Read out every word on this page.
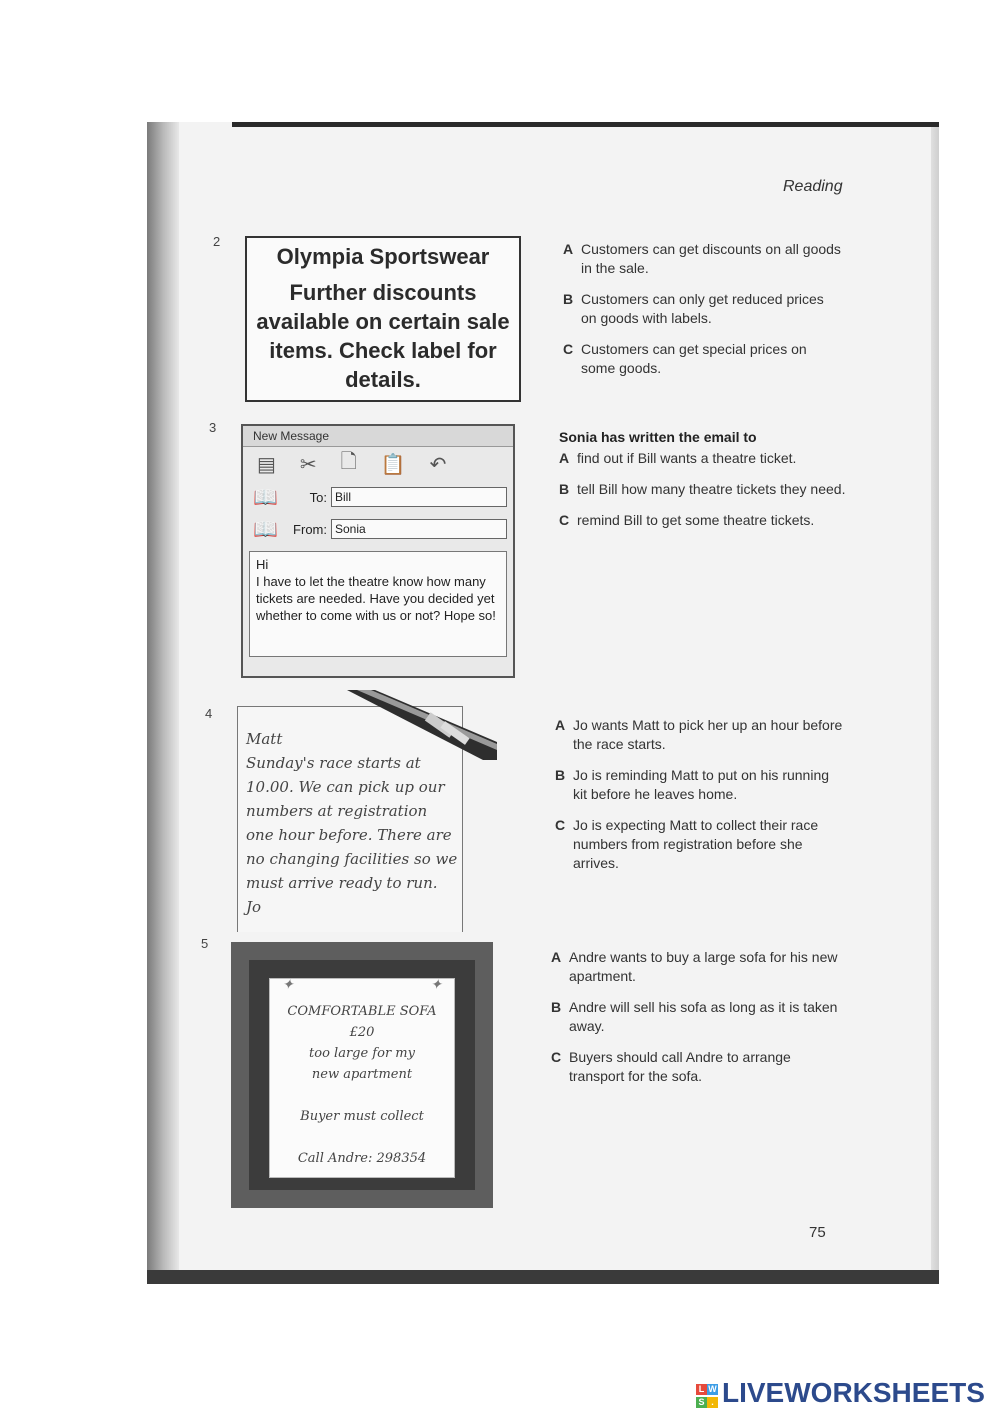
Reading
2
Olympia Sportswear
Further discounts available on certain sale items. Check label for details.
A Customers can get discounts on all goods in the sale.
B Customers can only get reduced prices on goods with labels.
C Customers can get special prices on some goods.
3
New Message
▤ ✂ 🗋 📋 ↶
📖	To: Bill
📖	From: Sonia
Hi
I have to let the theatre know how many tickets are needed. Have you decided yet whether to come with us or not? Hope so!
Sonia has written the email to
A find out if Bill wants a theatre ticket.
B tell Bill how many theatre tickets they need.
C remind Bill to get some theatre tickets.
4
Matt
Sunday's race starts at 10.00. We can pick up our numbers at registration one hour before. There are no changing facilities so we must arrive ready to run.
Jo
A Jo wants Matt to pick her up an hour before the race starts.
B Jo is reminding Matt to put on his running kit before he leaves home.
C Jo is expecting Matt to collect their race numbers from registration before she arrives.
5
✦	✦
COMFORTABLE SOFA
£20
too large for my new apartment
Buyer must collect
Call Andre: 298354
A Andre wants to buy a large sofa for his new apartment.
B Andre will sell his sofa as long as it is taken away.
C Buyers should call Andre to arrange transport for the sofa.
75
L W
S . LIVEWORKSHEETS
